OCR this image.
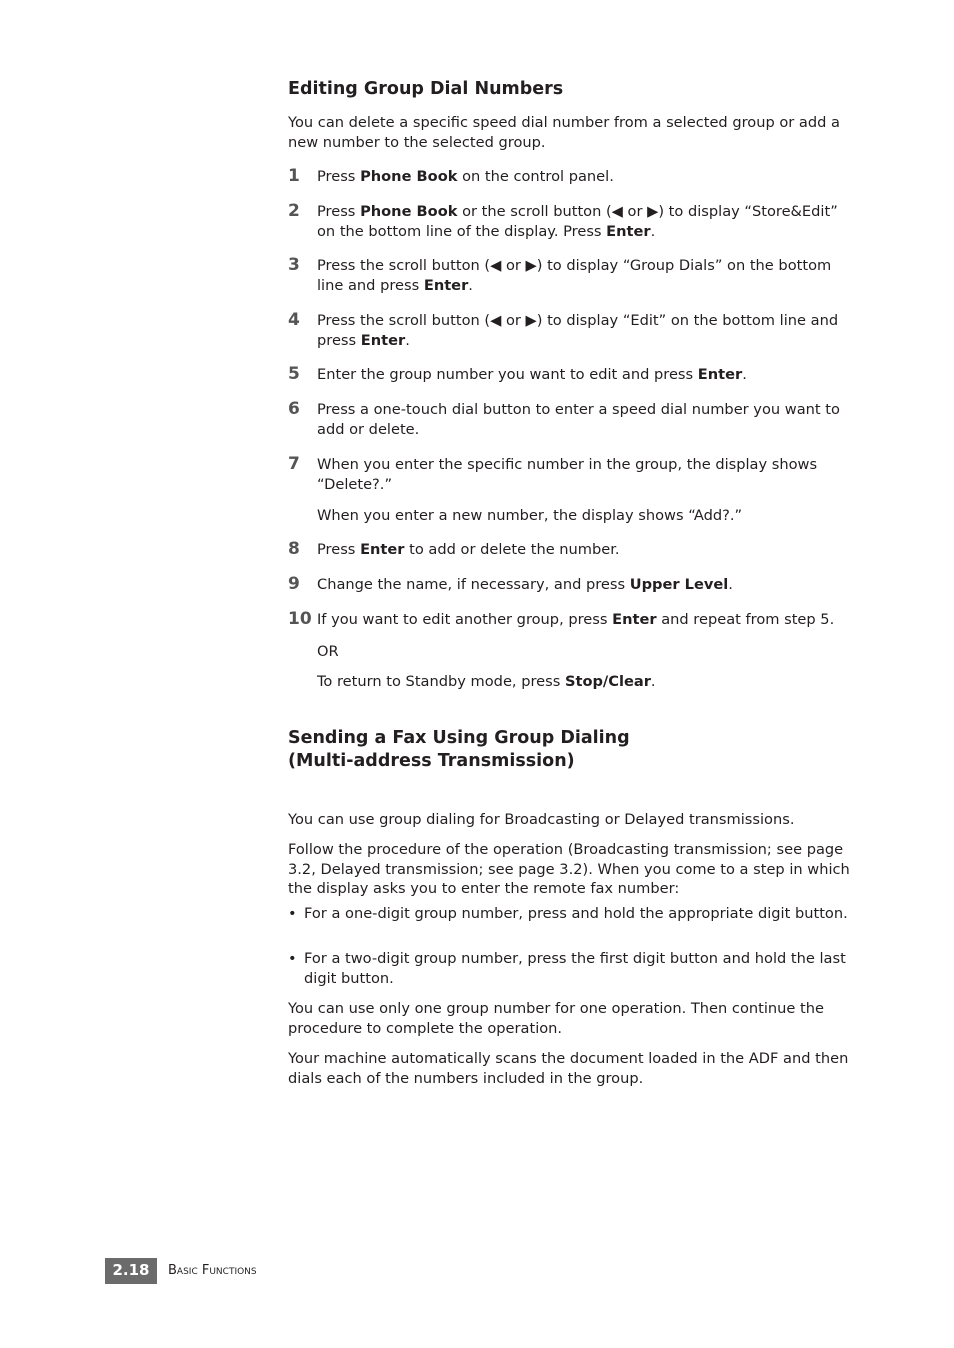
Editing Group Dial Numbers
You can delete a specific speed dial number from a selected group or add a new number to the selected group.
1 Press Phone Book on the control panel.
2 Press Phone Book or the scroll button (◀ or ▶) to display “Store&Edit” on the bottom line of the display. Press Enter.
3 Press the scroll button (◀ or ▶) to display “Group Dials” on the bottom line and press Enter.
4 Press the scroll button (◀ or ▶) to display “Edit” on the bottom line and press Enter.
5 Enter the group number you want to edit and press Enter.
6 Press a one-touch dial button to enter a speed dial number you want to add or delete.
7 When you enter the specific number in the group, the display shows “Delete?.”
When you enter a new number, the display shows “Add?.”
8 Press Enter to add or delete the number.
9 Change the name, if necessary, and press Upper Level.
10 If you want to edit another group, press Enter and repeat from step 5.
OR
To return to Standby mode, press Stop/Clear.
Sending a Fax Using Group Dialing
(Multi-address Transmission)
You can use group dialing for Broadcasting or Delayed transmissions.
Follow the procedure of the operation (Broadcasting transmission; see page 3.2, Delayed transmission; see page 3.2). When you come to a step in which the display asks you to enter the remote fax number:
• For a one-digit group number, press and hold the appropriate digit button.
• For a two-digit group number, press the first digit button and hold the last digit button.
You can use only one group number for one operation. Then continue the procedure to complete the operation.
Your machine automatically scans the document loaded in the ADF and then dials each of the numbers included in the group.
2.18	Basic Functions
